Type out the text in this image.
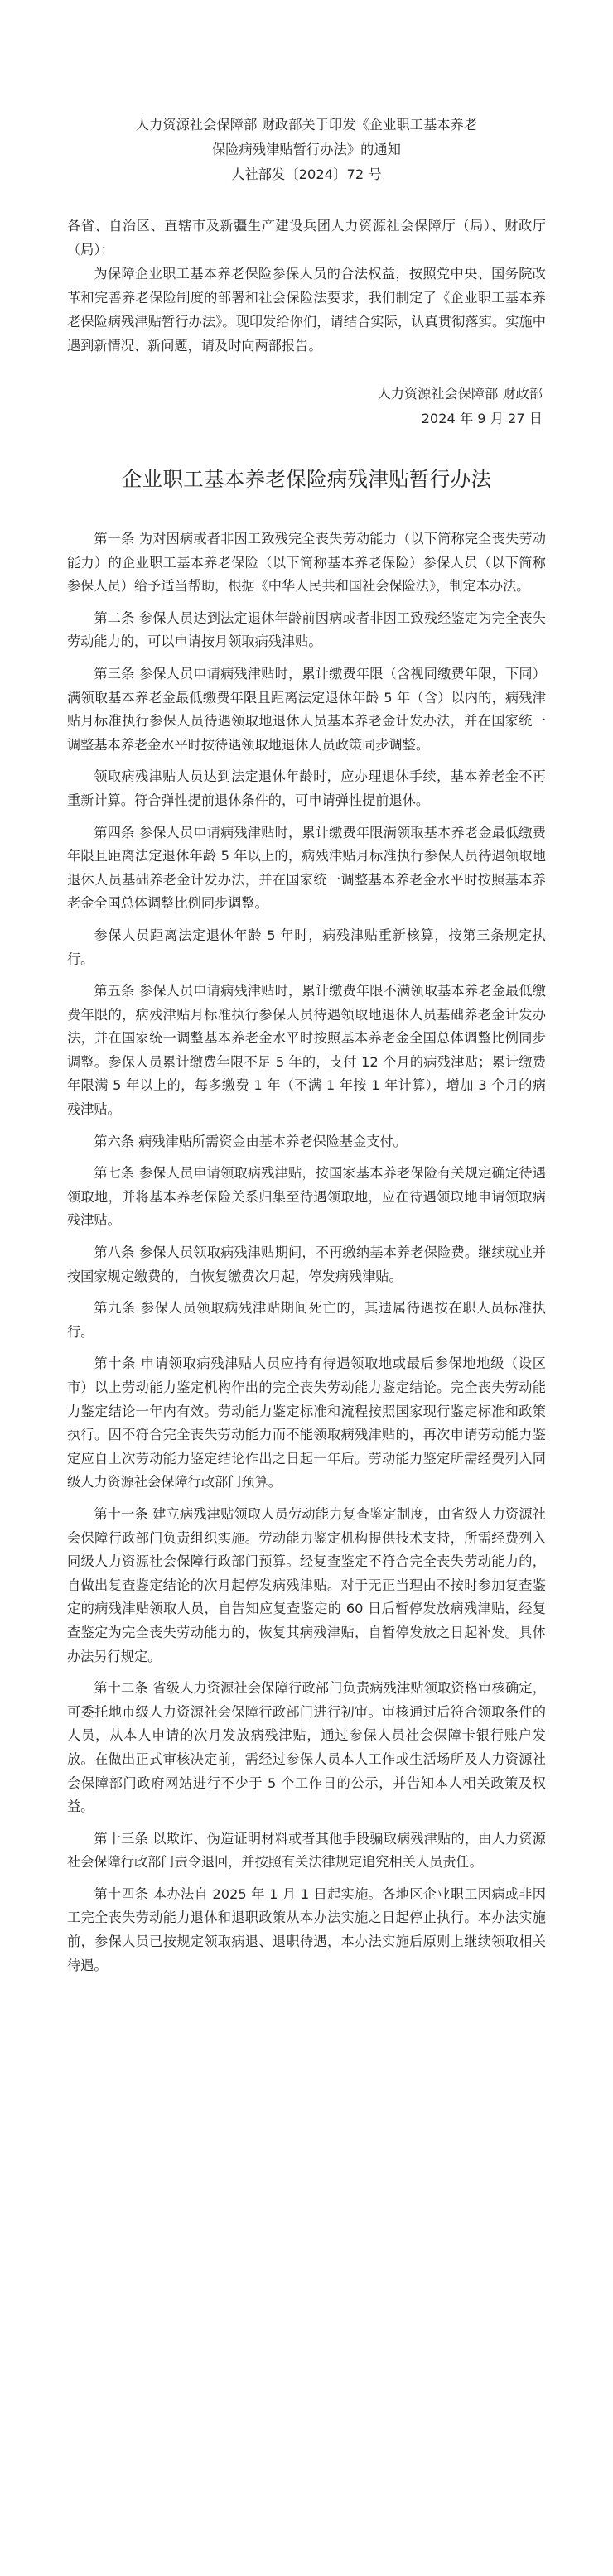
人力资源社会保障部 财政部关于印发《企业职工基本养老
保险病残津贴暂行办法》的通知
人社部发〔2024〕72 号
各省、自治区、直辖市及新疆生产建设兵团人力资源社会保障厅（局）、财政厅（局）：
为保障企业职工基本养老保险参保人员的合法权益，按照党中央、国务院改革和完善养老保险制度的部署和社会保险法要求，我们制定了《企业职工基本养老保险病残津贴暂行办法》。现印发给你们，请结合实际，认真贯彻落实。实施中遇到新情况、新问题，请及时向两部报告。
人力资源社会保障部 财政部
2024 年 9 月 27 日
企业职工基本养老保险病残津贴暂行办法

第一条 为对因病或者非因工致残完全丧失劳动能力（以下简称完全丧失劳动能力）的企业职工基本养老保险（以下简称基本养老保险）参保人员（以下简称参保人员）给予适当帮助，根据《中华人民共和国社会保险法》，制定本办法。

第二条 参保人员达到法定退休年龄前因病或者非因工致残经鉴定为完全丧失劳动能力的，可以申请按月领取病残津贴。

第三条 参保人员申请病残津贴时，累计缴费年限（含视同缴费年限，下同）满领取基本养老金最低缴费年限且距离法定退休年龄 5 年（含）以内的，病残津贴月标准执行参保人员待遇领取地退休人员基本养老金计发办法，并在国家统一调整基本养老金水平时按待遇领取地退休人员政策同步调整。

领取病残津贴人员达到法定退休年龄时，应办理退休手续，基本养老金不再重新计算。符合弹性提前退休条件的，可申请弹性提前退休。

第四条 参保人员申请病残津贴时，累计缴费年限满领取基本养老金最低缴费年限且距离法定退休年龄 5 年以上的，病残津贴月标准执行参保人员待遇领取地退休人员基础养老金计发办法，并在国家统一调整基本养老金水平时按照基本养老金全国总体调整比例同步调整。

参保人员距离法定退休年龄 5 年时，病残津贴重新核算，按第三条规定执行。

第五条 参保人员申请病残津贴时，累计缴费年限不满领取基本养老金最低缴费年限的，病残津贴月标准执行参保人员待遇领取地退休人员基础养老金计发办法，并在国家统一调整基本养老金水平时按照基本养老金全国总体调整比例同步调整。参保人员累计缴费年限不足 5 年的，支付 12 个月的病残津贴；累计缴费年限满 5 年以上的，每多缴费 1 年（不满 1 年按 1 年计算），增加 3 个月的病残津贴。

第六条 病残津贴所需资金由基本养老保险基金支付。

第七条 参保人员申请领取病残津贴，按国家基本养老保险有关规定确定待遇领取地，并将基本养老保险关系归集至待遇领取地，应在待遇领取地申请领取病残津贴。

第八条 参保人员领取病残津贴期间，不再缴纳基本养老保险费。继续就业并按国家规定缴费的，自恢复缴费次月起，停发病残津贴。

第九条 参保人员领取病残津贴期间死亡的，其遗属待遇按在职人员标准执行。

第十条 申请领取病残津贴人员应持有待遇领取地或最后参保地地级（设区市）以上劳动能力鉴定机构作出的完全丧失劳动能力鉴定结论。完全丧失劳动能力鉴定结论一年内有效。劳动能力鉴定标准和流程按照国家现行鉴定标准和政策执行。因不符合完全丧失劳动能力而不能领取病残津贴的，再次申请劳动能力鉴定应自上次劳动能力鉴定结论作出之日起一年后。劳动能力鉴定所需经费列入同级人力资源社会保障行政部门预算。

第十一条 建立病残津贴领取人员劳动能力复查鉴定制度，由省级人力资源社会保障行政部门负责组织实施。劳动能力鉴定机构提供技术支持，所需经费列入同级人力资源社会保障行政部门预算。经复查鉴定不符合完全丧失劳动能力的，自做出复查鉴定结论的次月起停发病残津贴。对于无正当理由不按时参加复查鉴定的病残津贴领取人员，自告知应复查鉴定的 60 日后暂停发放病残津贴，经复查鉴定为完全丧失劳动能力的，恢复其病残津贴，自暂停发放之日起补发。具体办法另行规定。

第十二条 省级人力资源社会保障行政部门负责病残津贴领取资格审核确定，可委托地市级人力资源社会保障行政部门进行初审。审核通过后符合领取条件的人员，从本人申请的次月发放病残津贴，通过参保人员社会保障卡银行账户发放。在做出正式审核决定前，需经过参保人员本人工作或生活场所及人力资源社会保障部门政府网站进行不少于 5 个工作日的公示，并告知本人相关政策及权益。

第十三条 以欺诈、伪造证明材料或者其他手段骗取病残津贴的，由人力资源社会保障行政部门责令退回，并按照有关法律规定追究相关人员责任。

第十四条 本办法自 2025 年 1 月 1 日起实施。各地区企业职工因病或非因工完全丧失劳动能力退休和退职政策从本办法实施之日起停止执行。本办法实施前，参保人员已按规定领取病退、退职待遇，本办法实施后原则上继续领取相关待遇。
